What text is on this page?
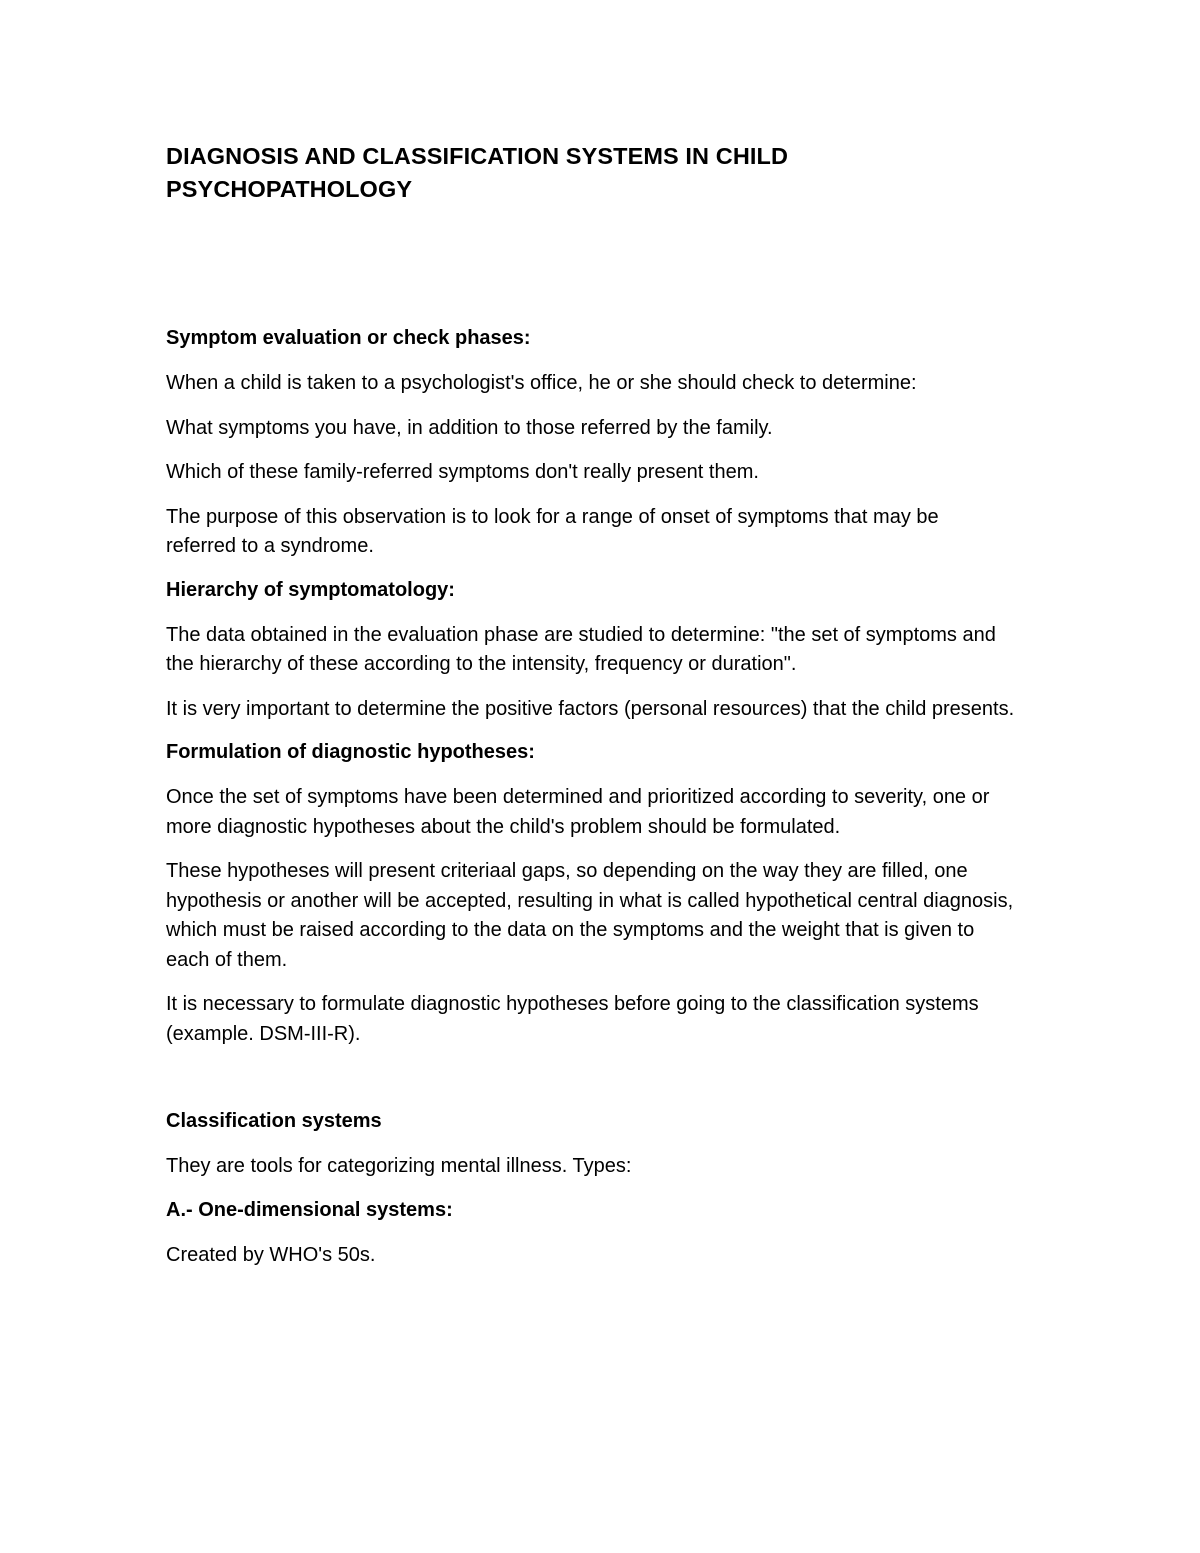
DIAGNOSIS AND CLASSIFICATION SYSTEMS IN CHILD PSYCHOPATHOLOGY
Symptom evaluation or check phases:

When a child is taken to a psychologist's office, he or she should check to determine:

What symptoms you have, in addition to those referred by the family.

Which of these family-referred symptoms don't really present them.

The purpose of this observation is to look for a range of onset of symptoms that may be referred to a syndrome.

Hierarchy of symptomatology:

The data obtained in the evaluation phase are studied to determine: "the set of symptoms and the hierarchy of these according to the intensity, frequency or duration".

It is very important to determine the positive factors (personal resources) that the child presents.

Formulation of diagnostic hypotheses:

Once the set of symptoms have been determined and prioritized according to severity, one or more diagnostic hypotheses about the child's problem should be formulated.

These hypotheses will present criteriaal gaps, so depending on the way they are filled, one hypothesis or another will be accepted, resulting in what is called hypothetical central diagnosis, which must be raised according to the data on the symptoms and the weight that is given to each of them.

It is necessary to formulate diagnostic hypotheses before going to the classification systems (example. DSM-III-R).

Classification systems

They are tools for categorizing mental illness. Types:

A.- One-dimensional systems:

Created by WHO's 50s.
